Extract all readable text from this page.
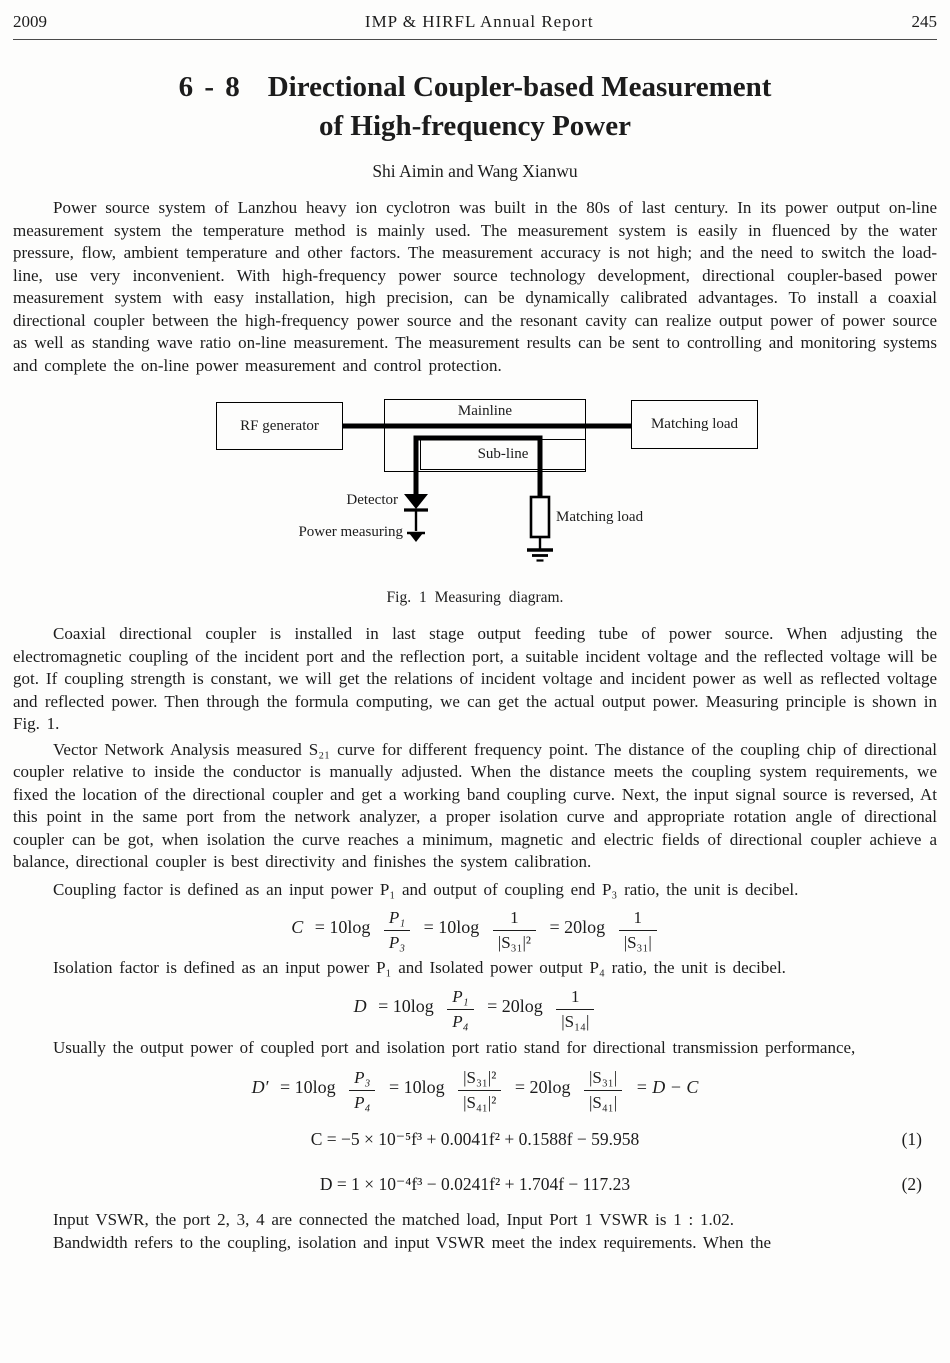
2009	IMP & HIRFL Annual Report	245
6 - 8 Directional Coupler-based Measurement
of High-frequency Power
Shi Aimin and Wang Xianwu
Power source system of Lanzhou heavy ion cyclotron was built in the 80s of last century. In its power output on-line measurement system the temperature method is mainly used. The measurement system is easily in fluenced by the water pressure, flow, ambient temperature and other factors. The measurement accuracy is not high; and the need to switch the load-line, use very inconvenient. With high-frequency power source technology development, directional coupler-based power measurement system with easy installation, high precision, can be dynamically calibrated advantages. To install a coaxial directional coupler between the high-frequency power source and the resonant cavity can realize output power of power source as well as standing wave ratio on-line measurement. The measurement results can be sent to controlling and monitoring systems and complete the on-line power measurement and control protection.
RF generator
Mainline
Sub-line
Matching load
Detector
Power measuring
Matching load
Fig. 1 Measuring diagram.
Coaxial directional coupler is installed in last stage output feeding tube of power source. When adjusting the electromagnetic coupling of the incident port and the reflection port, a suitable incident voltage and the reflected voltage will be got. If coupling strength is constant, we will get the relations of incident voltage and incident power as well as reflected voltage and reflected power. Then through the formula computing, we can get the actual output power. Measuring principle is shown in Fig. 1.
Vector Network Analysis measured S₂₁ curve for different frequency point. The distance of the coupling chip of directional coupler relative to inside the conductor is manually adjusted. When the distance meets the coupling system requirements, we fixed the location of the directional coupler and get a working band coupling curve. Next, the input signal source is reversed, At this point in the same port from the network analyzer, a proper isolation curve and appropriate rotation angle of directional coupler can be got, when isolation the curve reaches a minimum, magnetic and electric fields of directional coupler achieve a balance, directional coupler is best directivity and finishes the system calibration.
Coupling factor is defined as an input power P₁ and output of coupling end P₃ ratio, the unit is decibel.
$C = 10\log \frac{\text{P₁}}{\text{P₃}} = 10\log \frac{1}{\text{|S₃₁|²}} = 20\log \frac{1}{\text{|S₃₁|}}$
Isolation factor is defined as an input power P₁ and Isolated power output P₄ ratio, the unit is decibel.
$D = 10\log \frac{\text{P₁}}{\text{P₄}} = 20\log \frac{1}{\text{|S₁₄|}}$
Usually the output power of coupled port and isolation port ratio stand for directional transmission performance,
$D' = 10\log \frac{\text{P₃}}{\text{P₄}} = 10\log \frac{\text{|S₃₁|²}}{\text{|S₄₁|²}} = 20\log \frac{\text{|S₃₁|}}{\text{|S₄₁|}} = D - C$
C = −5 × 10⁻⁵f³ + 0.0041f² + 0.1588f − 59.958	(1)
D = 1 × 10⁻⁴f³ − 0.0241f² + 1.704f − 117.23	(2)
Input VSWR, the port 2, 3, 4 are connected the matched load, Input Port 1 VSWR is 1 : 1.02.
Bandwidth refers to the coupling, isolation and input VSWR meet the index requirements. When the
